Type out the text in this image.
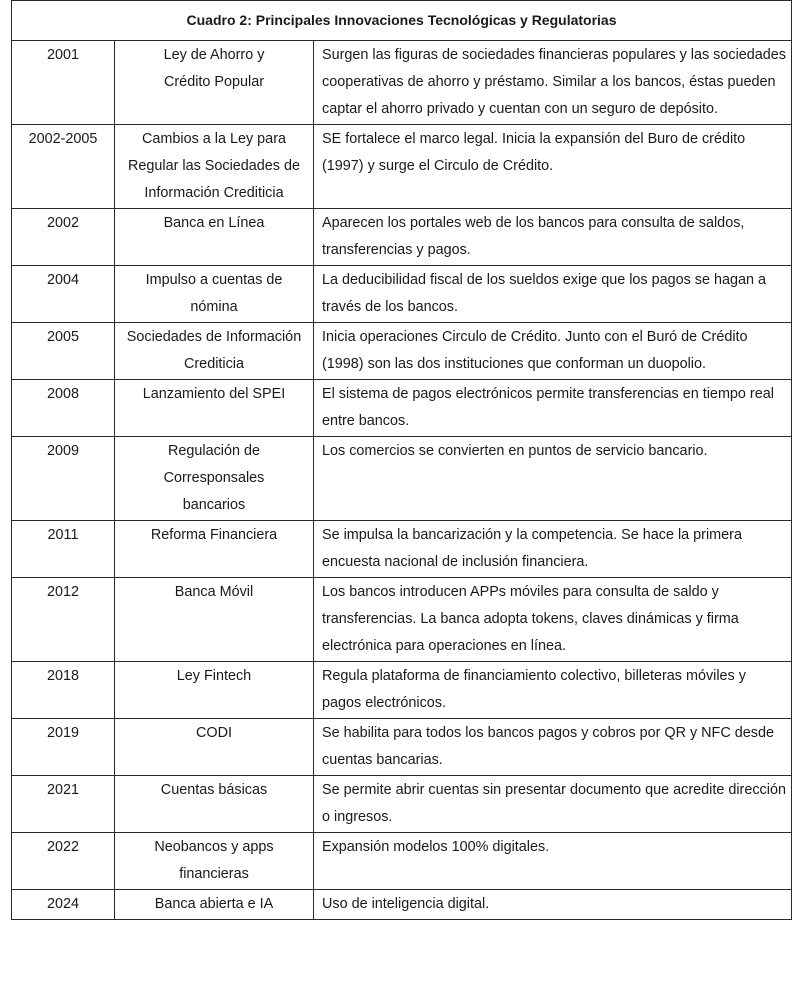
Cuadro 2: Principales Innovaciones Tecnológicas y Regulatorias		
2001	Ley de Ahorro y Crédito Popular	Surgen las figuras de sociedades financieras populares y las sociedades cooperativas de ahorro y préstamo. Similar a los bancos, éstas pueden captar el ahorro privado y cuentan con un seguro de depósito.
2002-2005	Cambios a la Ley para Regular las Sociedades de Información Crediticia	SE fortalece el marco legal. Inicia la expansión del Buro de crédito (1997) y surge el Circulo de Crédito.
2002	Banca en Línea	Aparecen los portales web de los bancos para consulta de saldos, transferencias y pagos.
2004	Impulso a cuentas de nómina	La deducibilidad fiscal de los sueldos exige que los pagos se hagan a través de los bancos.
2005	Sociedades de Información Crediticia	Inicia operaciones Circulo de Crédito. Junto con el Buró de Crédito (1998) son las dos instituciones que conforman un duopolio.
2008	Lanzamiento del SPEI	El sistema de pagos electrónicos permite transferencias en tiempo real entre bancos.
2009	Regulación de Corresponsales bancarios	Los comercios se convierten en puntos de servicio bancario.
2011	Reforma Financiera	Se impulsa la bancarización y la competencia. Se hace la primera encuesta nacional de inclusión financiera.
2012	Banca Móvil	Los bancos introducen APPs móviles para consulta de saldo y transferencias. La banca adopta tokens, claves dinámicas y firma electrónica para operaciones en línea.
2018	Ley Fintech	Regula plataforma de financiamiento colectivo, billeteras móviles y pagos electrónicos.
2019	CODI	Se habilita para todos los bancos pagos y cobros por QR y NFC desde cuentas bancarias.
2021	Cuentas básicas	Se permite abrir cuentas sin presentar documento que acredite dirección o ingresos.
2022	Neobancos y apps financieras	Expansión modelos 100% digitales.
2024	Banca abierta e IA	Uso de inteligencia digital.
